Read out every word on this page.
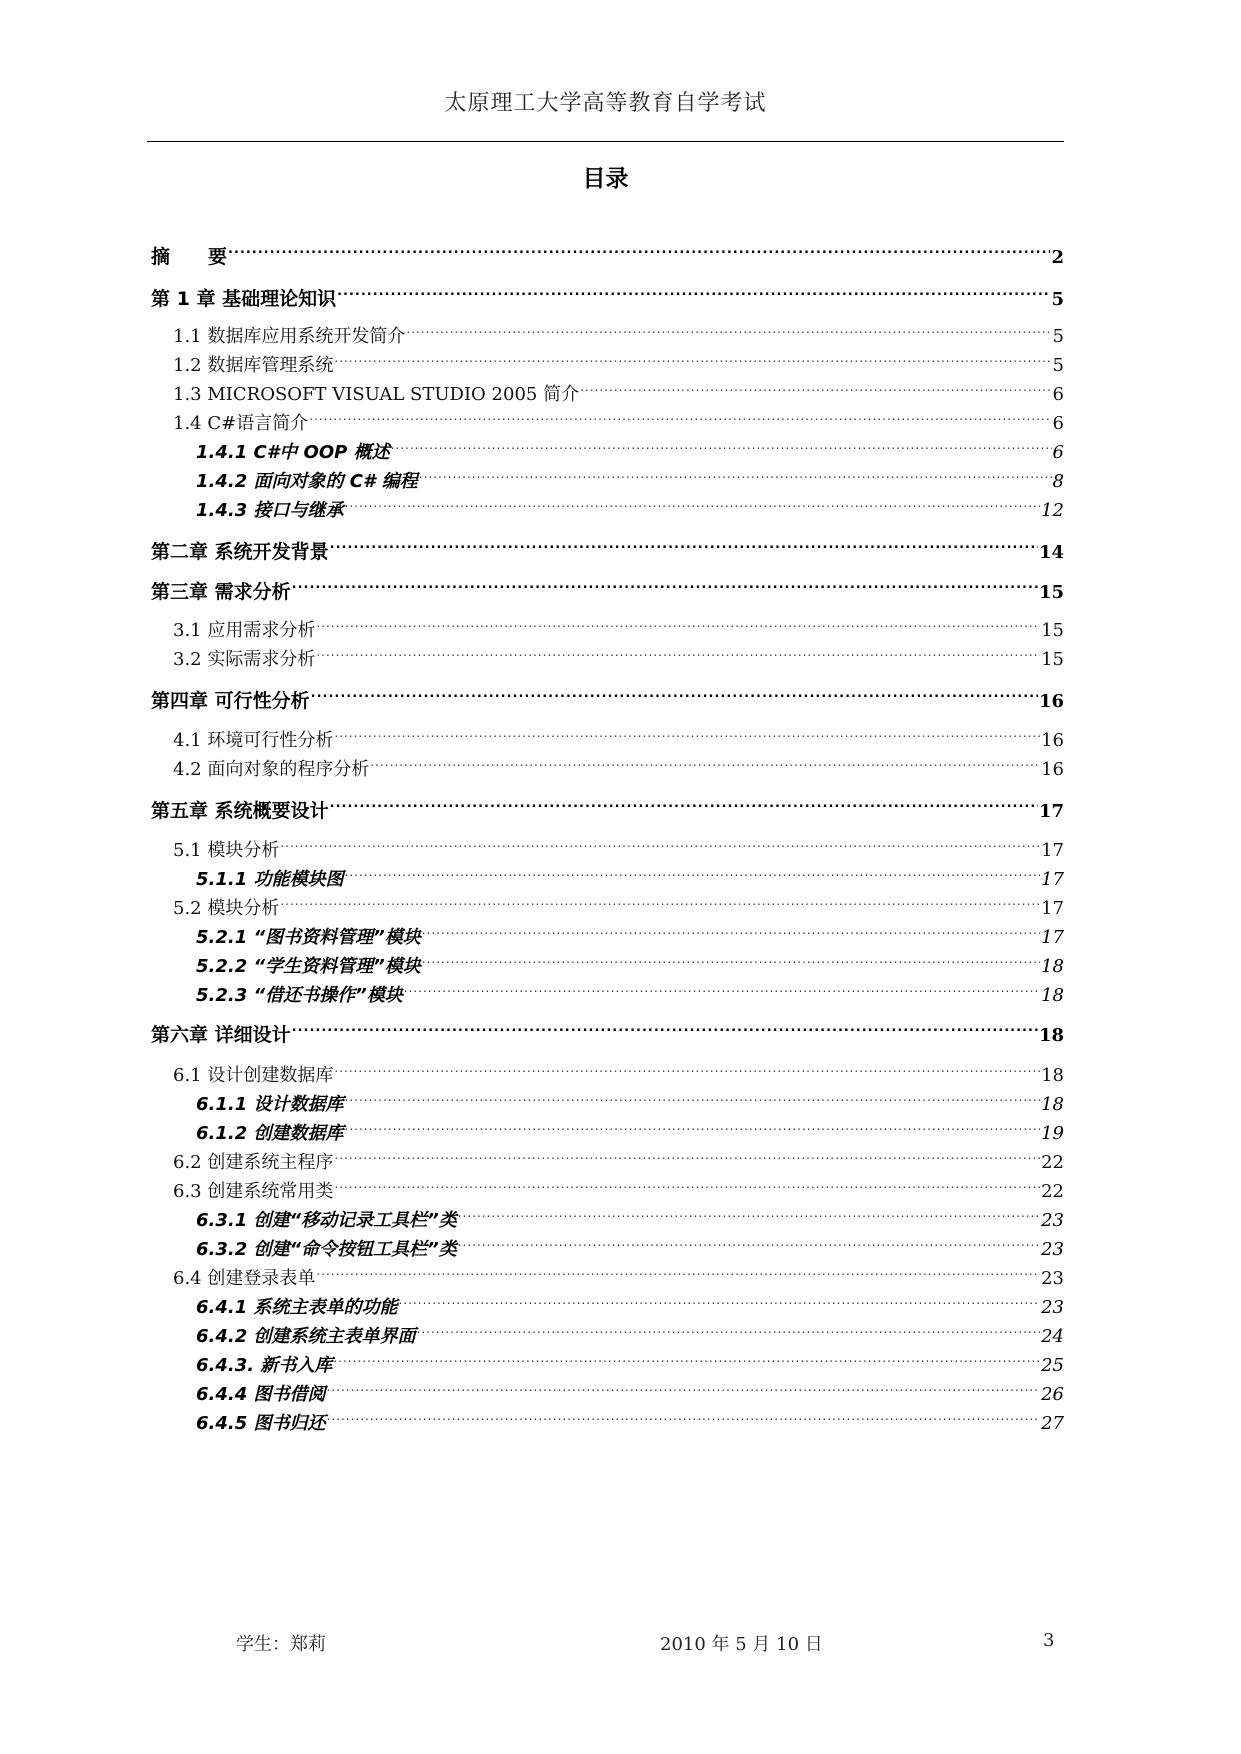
太原理工大学高等教育自学考试
目录
摘　　要 .....	2
第 1 章 基础理论知识 .....	5
1.1 数据库应用系统开发简介 .....	5
1.2 数据库管理系统 .....	5
1.3 MICROSOFT VISUAL STUDIO 2005 简介 .....	6
1.4 C#语言简介 .....	6
1.4.1 C#中 OOP 概述 .....	6
1.4.2 面向对象的 C# 编程 .....	8
1.4.3 接口与继承 .....	12
第二章 系统开发背景 .....	14
第三章 需求分析 .....	15
3.1 应用需求分析 .....	15
3.2 实际需求分析 .....	15
第四章 可行性分析 .....	16
4.1 环境可行性分析 .....	16
4.2 面向对象的程序分析 .....	16
第五章 系统概要设计 .....	17
5.1 模块分析 .....	17
5.1.1 功能模块图 .....	17
5.2 模块分析 .....	17
5.2.1 “图书资料管理”模块 .....	17
5.2.2 “学生资料管理”模块 .....	18
5.2.3 “借还书操作”模块 .....	18
第六章 详细设计 .....	18
6.1 设计创建数据库 .....	18
6.1.1 设计数据库 .....	18
6.1.2 创建数据库 .....	19
6.2 创建系统主程序 .....	22
6.3 创建系统常用类 .....	22
6.3.1 创建“移动记录工具栏”类 .....	23
6.3.2 创建“命令按钮工具栏”类 .....	23
6.4 创建登录表单 .....	23
6.4.1 系统主表单的功能 .....	23
6.4.2 创建系统主表单界面 .....	24
6.4.3. 新书入库 .....	25
6.4.4 图书借阅 .....	26
6.4.5 图书归还 .....	27
学生：郑莉	2010 年 5 月 10 日	3
